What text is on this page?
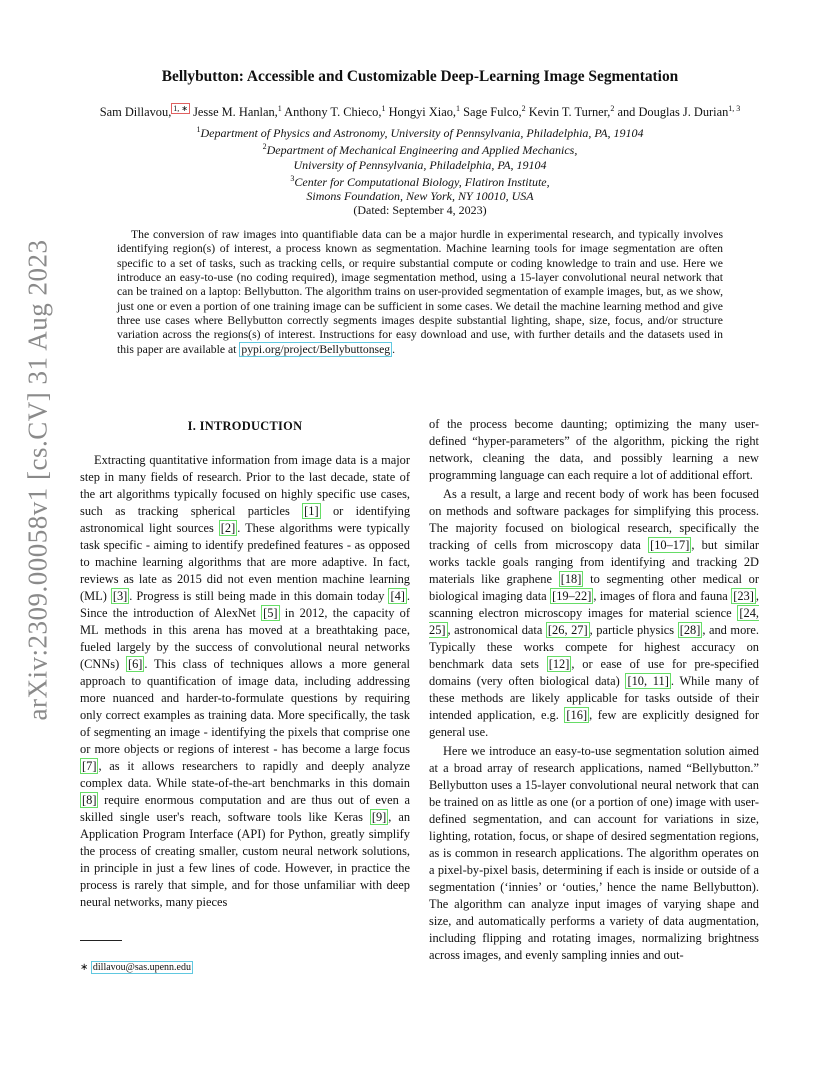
arXiv:2309.00058v1 [cs.CV] 31 Aug 2023
Bellybutton: Accessible and Customizable Deep-Learning Image Segmentation
Sam Dillavou, $^{1, ∗}$ Jesse M. Hanlan,$^1$ Anthony T. Chieco,$^1$ Hongyi Xiao,$^1$ Sage Fulco,$^2$ Kevin T. Turner,$^2$ and Douglas J. Durian$^{1, 3}$
$^1$Department of Physics and Astronomy, University of Pennsylvania, Philadelphia, PA, 19104
$^2$Department of Mechanical Engineering and Applied Mechanics,
University of Pennsylvania, Philadelphia, PA, 19104
$^3$Center for Computational Biology, Flatiron Institute,
Simons Foundation, New York, NY 10010, USA
(Dated: September 4, 2023)
The conversion of raw images into quantifiable data can be a major hurdle in experimental research, and typically involves identifying region(s) of interest, a process known as segmentation. Machine learning tools for image segmentation are often specific to a set of tasks, such as tracking cells, or require substantial compute or coding knowledge to train and use. Here we introduce an easy-to-use (no coding required), image segmentation method, using a 15-layer convolutional neural network that can be trained on a laptop: Bellybutton. The algorithm trains on user-provided segmentation of example images, but, as we show, just one or even a portion of one training image can be sufficient in some cases. We detail the machine learning method and give three use cases where Bellybutton correctly segments images despite substantial lighting, shape, size, focus, and/or structure variation across the regions(s) of interest. Instructions for easy download and use, with further details and the datasets used in this paper are available at pypi.org/project/Bellybuttonseg .
I. INTRODUCTION

Extracting quantitative information from image data is a major step in many fields of research. Prior to the last decade, state of the art algorithms typically focused on highly specific use cases, such as tracking spherical particles [1] or identifying astronomical light sources [2] . These algorithms were typically task specific - aiming to identify predefined features - as opposed to machine learning algorithms that are more adaptive. In fact, reviews as late as 2015 did not even mention machine learning (ML) [3] . Progress is still being made in this domain today [4] . Since the introduction of AlexNet [5] in 2012, the capacity of ML methods in this arena has moved at a breathtaking pace, fueled largely by the success of convolutional neural networks (CNNs) [6] . This class of techniques allows a more general approach to quantification of image data, including addressing more nuanced and harder-to-formulate questions by requiring only correct examples as training data. More specifically, the task of segmenting an image - identifying the pixels that comprise one or more objects or regions of interest - has become a large focus [7] , as it allows researchers to rapidly and deeply analyze complex data. While state-of-the-art benchmarks in this domain [8] require enormous computation and are thus out of even a skilled single user's reach, software tools like Keras [9] , an Application Program Interface (API) for Python, greatly simplify the process of creating smaller, custom neural network solutions, in principle in just a few lines of code. However, in practice the process is rarely that simple, and for those unfamiliar with deep neural networks, many pieces

of the process become daunting; optimizing the many user-defined “hyper-parameters” of the algorithm, picking the right network, cleaning the data, and possibly learning a new programming language can each require a lot of additional effort.

As a result, a large and recent body of work has been focused on methods and software packages for simplifying this process. The majority focused on biological research, specifically the tracking of cells from microscopy data [10–17] , but similar works tackle goals ranging from identifying and tracking 2D materials like graphene [18] to segmenting other medical or biological imaging data [19–22] , images of flora and fauna [23] , scanning electron microscopy images for material science [24, 25] , astronomical data [26, 27] , particle physics [28] , and more. Typically these works compete for highest accuracy on benchmark data sets [12] , or ease of use for pre-specified domains (very often biological data) [10, 11] . While many of these methods are likely applicable for tasks outside of their intended application, e.g. [16] , few are explicitly designed for general use.

Here we introduce an easy-to-use segmentation solution aimed at a broad array of research applications, named “Bellybutton.” Bellybutton uses a 15-layer convolutional neural network that can be trained on as little as one (or a portion of one) image with user-defined segmentation, and can account for variations in size, lighting, rotation, focus, or shape of desired segmentation regions, as is common in research applications. The algorithm operates on a pixel-by-pixel basis, determining if each is inside or outside of a segmentation (‘innies’ or ‘outies,’ hence the name Bellybutton). The algorithm can analyze input images of varying shape and size, and automatically performs a variety of data augmentation, including flipping and rotating images, normalizing brightness across images, and evenly sampling innies and out-

∗ dillavou@sas.upenn.edu
